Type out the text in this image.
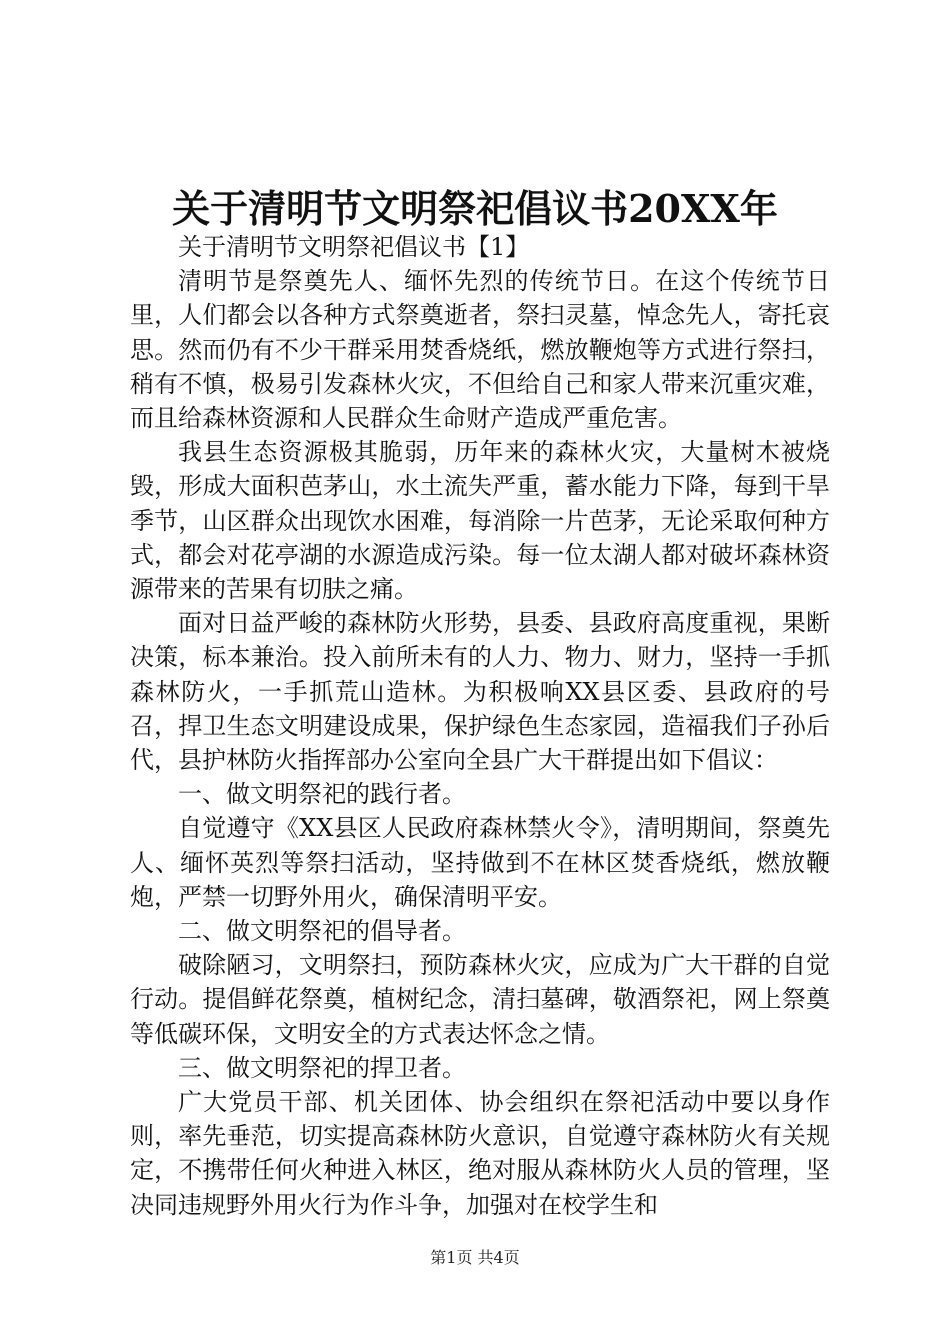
关于清明节文明祭祀倡议书20XX年

关于清明节文明祭祀倡议书【1】

清明节是祭奠先人、缅怀先烈的传统节日。在这个传统节日里，人们都会以各种方式祭奠逝者，祭扫灵墓，悼念先人，寄托哀思。然而仍有不少干群采用焚香烧纸，燃放鞭炮等方式进行祭扫，稍有不慎，极易引发森林火灾，不但给自己和家人带来沉重灾难，而且给森林资源和人民群众生命财产造成严重危害。

我县生态资源极其脆弱，历年来的森林火灾，大量树木被烧毁，形成大面积芭茅山，水土流失严重，蓄水能力下降，每到干旱季节，山区群众出现饮水困难，每消除一片芭茅，无论采取何种方式，都会对花亭湖的水源造成污染。每一位太湖人都对破坏森林资源带来的苦果有切肤之痛。

面对日益严峻的森林防火形势，县委、县政府高度重视，果断决策，标本兼治。投入前所未有的人力、物力、财力，坚持一手抓森林防火，一手抓荒山造林。为积极响XX县区委、县政府的号召，捍卫生态文明建设成果，保护绿色生态家园，造福我们子孙后代，县护林防火指挥部办公室向全县广大干群提出如下倡议：

一、做文明祭祀的践行者。

自觉遵守《XX县区人民政府森林禁火令》，清明期间，祭奠先人、缅怀英烈等祭扫活动，坚持做到不在林区焚香烧纸，燃放鞭炮，严禁一切野外用火，确保清明平安。

二、做文明祭祀的倡导者。

破除陋习，文明祭扫，预防森林火灾，应成为广大干群的自觉行动。提倡鲜花祭奠，植树纪念，清扫墓碑，敬酒祭祀，网上祭奠等低碳环保，文明安全的方式表达怀念之情。

三、做文明祭祀的捍卫者。

广大党员干部、机关团体、协会组织在祭祀活动中要以身作则，率先垂范，切实提高森林防火意识，自觉遵守森林防火有关规定，不携带任何火种进入林区，绝对服从森林防火人员的管理，坚决同违规野外用火行为作斗争，加强对在校学生和

第1页 共4页
